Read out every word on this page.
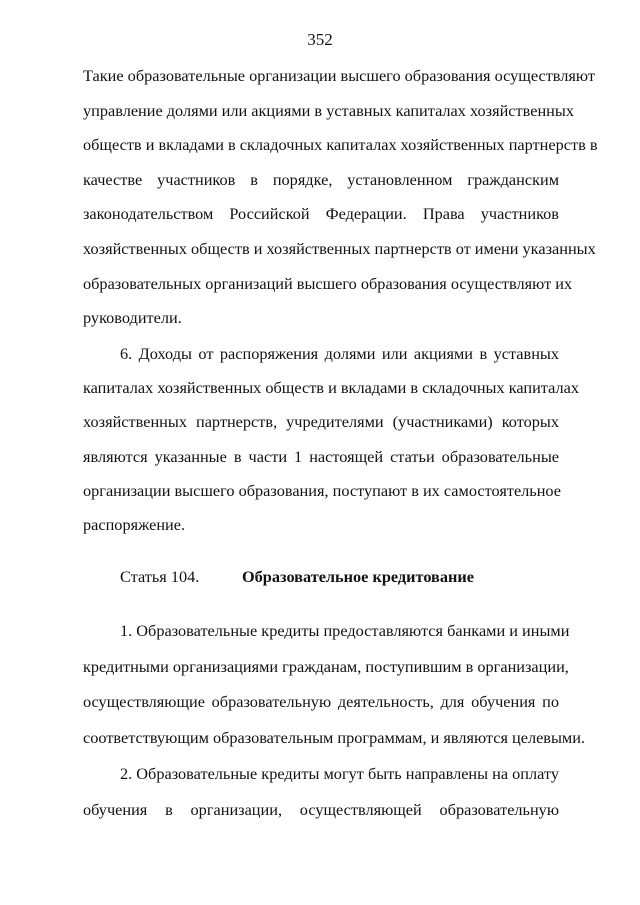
352
Такие образовательные организации высшего образования осуществляют
управление долями или акциями в уставных капиталах хозяйственных
обществ и вкладами в складочных капиталах хозяйственных партнерств в
качестве участников в порядке, установленном гражданским
законодательством Российской Федерации. Права участников
хозяйственных обществ и хозяйственных партнерств от имени указанных
образовательных организаций высшего образования осуществляют их
руководители.
6. Доходы от распоряжения долями или акциями в уставных
капиталах хозяйственных обществ и вкладами в складочных капиталах
хозяйственных партнерств, учредителями (участниками) которых
являются указанные в части 1 настоящей статьи образовательные
организации высшего образования, поступают в их самостоятельное
распоряжение.
Статья 104.	Образовательное кредитование
1. Образовательные кредиты предоставляются банками и иными
кредитными организациями гражданам, поступившим в организации,
осуществляющие образовательную деятельность, для обучения по
соответствующим образовательным программам, и являются целевыми.
2. Образовательные кредиты могут быть направлены на оплату
обучения в организации, осуществляющей образовательную
